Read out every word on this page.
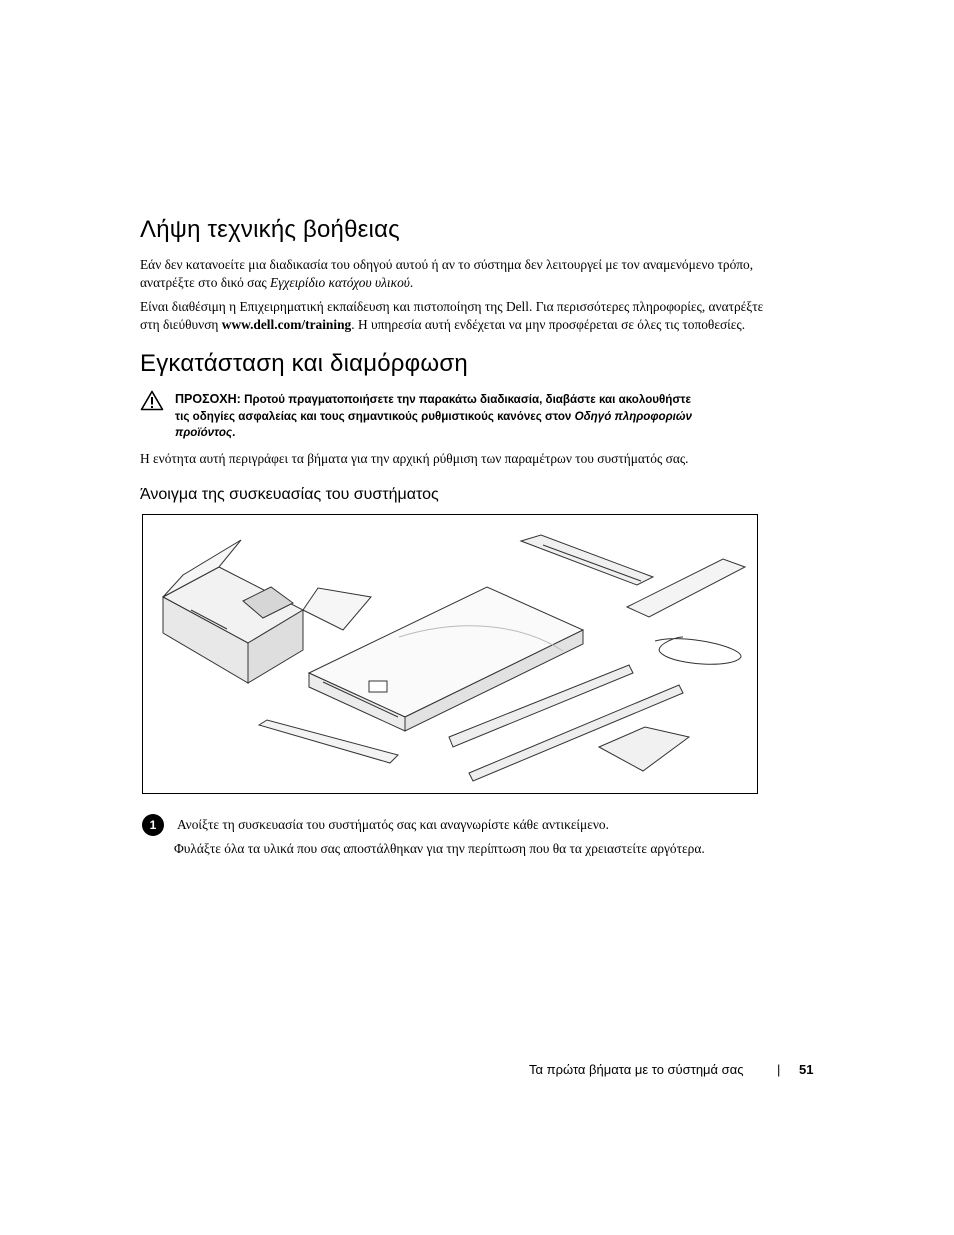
Λήψη τεχνικής βοήθειας
Εάν δεν κατανοείτε μια διαδικασία του οδηγού αυτού ή αν το σύστημα δεν λειτουργεί με τον αναμενόμενο τρόπο,
ανατρέξτε στο δικό σας Εγχειρίδιο κατόχου υλικού.
Είναι διαθέσιμη η Επιχειρηματική εκπαίδευση και πιστοποίηση της Dell. Για περισσότερες πληροφορίες, ανατρέξτε
στη διεύθυνση www.dell.com/training. Η υπηρεσία αυτή ενδέχεται να μην προσφέρεται σε όλες τις τοποθεσίες.
Εγκατάσταση και διαμόρφωση
ΠΡΟΣΟΧΗ: Προτού πραγματοποιήσετε την παρακάτω διαδικασία, διαβάστε και ακολουθήστε
τις οδηγίες ασφαλείας και τους σημαντικούς ρυθμιστικούς κανόνες στον Οδηγό πληροφοριών
προϊόντος.
Η ενότητα αυτή περιγράφει τα βήματα για την αρχική ρύθμιση των παραμέτρων του συστήματός σας.
Άνοιγμα της συσκευασίας του συστήματος
1	Ανοίξτε τη συσκευασία του συστήματός σας και αναγνωρίστε κάθε αντικείμενο.
Φυλάξτε όλα τα υλικά που σας αποστάλθηκαν για την περίπτωση που θα τα χρειαστείτε αργότερα.
Τα πρώτα βήματα με το σύστημά σας	| 51
